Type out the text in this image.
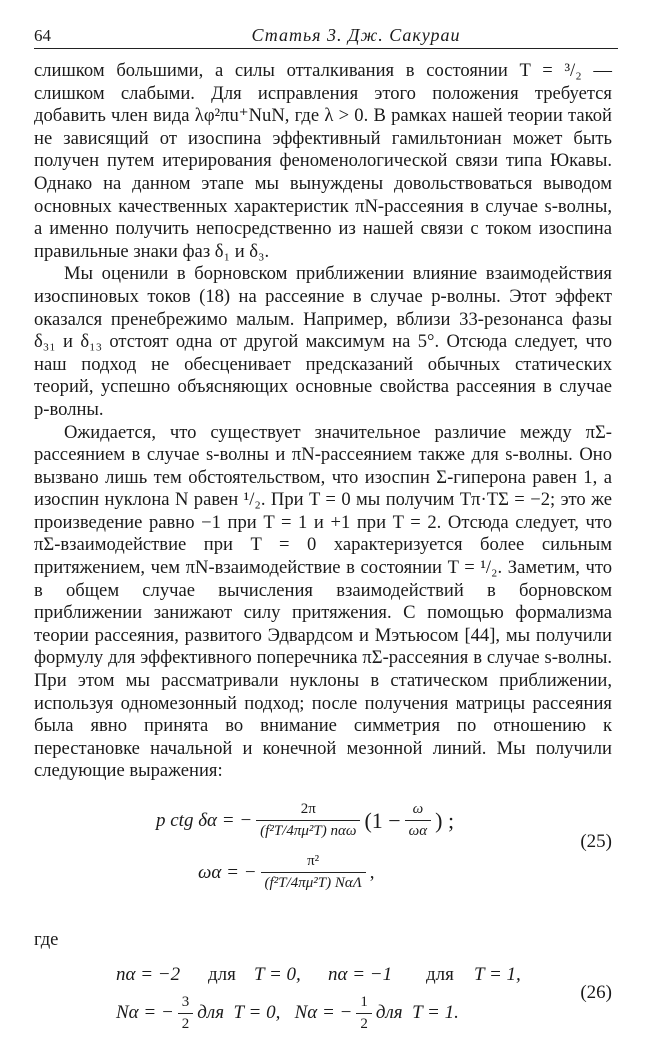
64	Статья 3. Дж. Сакураи

слишком большими, а силы отталкивания в состоянии T = ³/₂ — слишком слабыми. Для исправления этого положения требуется добавить член вида λφ²πu⁺NuN, где λ > 0. В рамках нашей теории такой не зависящий от изоспина эффективный гамильтониан может быть получен путем итерирования феноменологической связи типа Юкавы. Однако на данном этапе мы вынуждены довольствоваться выводом основных качественных характеристик πN-рассеяния в случае s-волны, а именно получить непосредственно из нашей связи с током изоспина правильные знаки фаз δ₁ и δ₃.

Мы оценили в борновском приближении влияние взаимодействия изоспиновых токов (18) на рассеяние в случае p-волны. Этот эффект оказался пренебрежимо малым. Например, вблизи 33-резонанса фазы δ₃₁ и δ₁₃ отстоят одна от другой максимум на 5°. Отсюда следует, что наш подход не обесценивает предсказаний обычных статических теорий, успешно объясняющих основные свойства рассеяния в случае p-волны.

Ожидается, что существует значительное различие между πΣ-рассеянием в случае s-волны и πN-рассеянием также для s-волны. Оно вызвано лишь тем обстоятельством, что изоспин Σ-гиперона равен 1, а изоспин нуклона N равен ¹/₂. При T = 0 мы получим Tπ·TΣ = −2; это же произведение равно −1 при T = 1 и +1 при T = 2. Отсюда следует, что πΣ-взаимодействие при T = 0 характеризуется более сильным притяжением, чем πN-взаимодействие в состоянии T = ¹/₂. Заметим, что в общем случае вычисления взаимодействий в борновском приближении занижают силу притяжения. С помощью формализма теории рассеяния, развитого Эдвардсом и Мэтьюсом [44], мы получили формулу для эффективного поперечника πΣ-рассеяния в случае s-волны. При этом мы рассматривали нуклоны в статическом приближении, используя одномезонный подход; после получения матрицы рассеяния была явно принята во внимание симметрия по отношению к перестановке начальной и конечной мезонной линий. Мы получили следующие выражения:

p ctg δα = − $\frac{2\pi}{\text{(f²T/4πμ²T) nαω}} (1 - \frac{\omega}{\omega\alpha}$ ) ;
ωα = − $\frac{\text{π²}}{\text{(f²T/4πμ²T) NαΛ}}$ ,
(25)

где

nα = −2	для T = 0,	nα = −1	для	T = 1,
Nα = − $\frac{3}{2}$ для  T = 0,   Nα = − $\frac{1}{2}$ для  T = 1.
(26)
